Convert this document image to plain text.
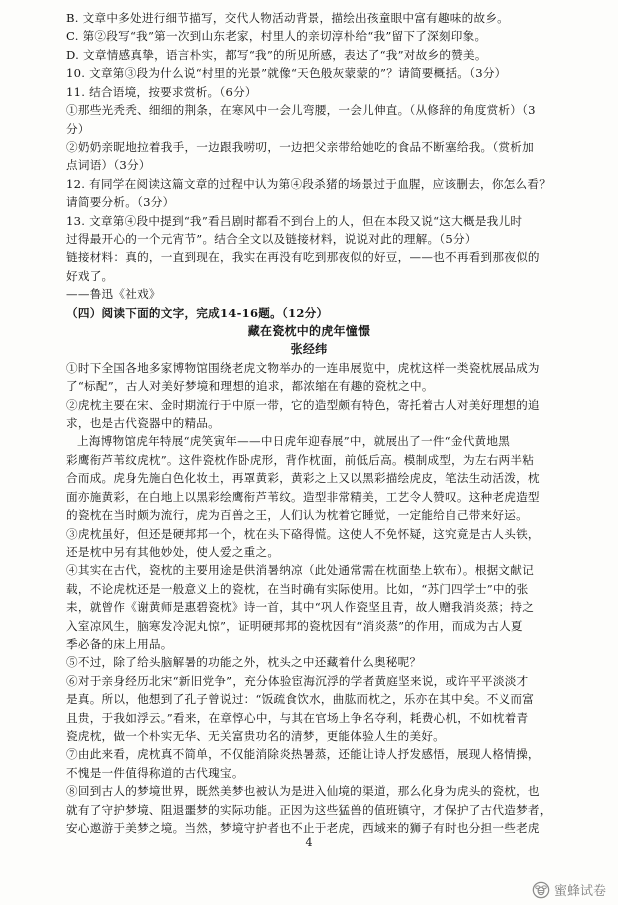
B. 文章中多处进行细节描写，交代人物活动背景，描绘出孩童眼中富有趣味的故乡。
C. 第②段写“我”第一次到山东老家，村里人的亲切淳朴给“我”留下了深刻印象。
D. 文章情感真挚，语言朴实，都写“我”的所见所感，表达了“我”对故乡的赞美。
10. 文章第③段为什么说“村里的光景”就像“天色般灰蒙蒙的”？请简要概括。（3分）
11. 结合语境，按要求赏析。（6分）
①那些光秃秃、细细的荆条，在寒风中一会儿弯腰，一会儿伸直。（从修辞的角度赏析）（3
分）
②奶奶亲昵地拉着我手，一边跟我唠叨，一边把父亲带给她吃的食品不断塞给我。（赏析加
点词语）（3分）
12. 有同学在阅读这篇文章的过程中认为第④段杀猪的场景过于血腥，应该删去，你怎么看？
请简要分析。（3分）
13. 文章第④段中提到“我”看吕剧时都看不到台上的人，但在本段又说“这大概是我儿时
过得最开心的一个元宵节”。结合全文以及链接材料，说说对此的理解。（5分）
链接材料：真的，一直到现在，我实在再没有吃到那夜似的好豆，——也不再看到那夜似的
好戏了。
——鲁迅《社戏》
（四）阅读下面的文字，完成14-16题。（12分）
藏在瓷枕中的虎年憧憬
张经纬
①时下全国各地多家博物馆围绕老虎文物举办的一连串展览中，虎枕这样一类瓷枕展品成为
了“标配”，古人对美好梦境和理想的追求，都浓缩在有趣的瓷枕之中。
②虎枕主要在宋、金时期流行于中原一带，它的造型颇有特色，寄托着古人对美好理想的追
求，也是古代瓷器中的精品。
上海博物馆虎年特展“虎笑寅年——中日虎年迎春展”中，就展出了一件“金代黄地黑
彩鹰衔芦苇纹虎枕”。这件瓷枕作卧虎形，背作枕面，前低后高。模制成型，为左右两半粘
合而成。虎身先施白色化妆土，再罩黄彩，黄彩之上又以黑彩描绘虎皮，笔法生动活泼，枕
面亦施黄彩，在白地上以黑彩绘鹰衔芦苇纹。造型非常精美，工艺令人赞叹。这种老虎造型
的瓷枕在当时颇为流行，虎为百兽之王，人们认为枕着它睡觉，一定能给自己带来好运。
③虎枕虽好，但还是硬邦邦一个，枕在头下硌得慌。这使人不免怀疑，这究竟是古人头铁，
还是枕中另有其他妙处，使人爱之重之。
④其实在古代，瓷枕的主要用途是供消暑纳凉（此处通常需在枕面垫上软布）。根据文献记
载，不论虎枕还是一般意义上的瓷枕，在当时确有实际使用。比如，“苏门四学士”中的张
耒，就曾作《谢黄师是惠碧瓷枕》诗一首，其中“巩人作瓷坚且青，故人赠我消炎蒸；持之
入室凉风生，脑寒发冷泥丸惊”，证明硬邦邦的瓷枕因有“消炎蒸”的作用，而成为古人夏
季必备的床上用品。
⑤不过，除了给头脑解暑的功能之外，枕头之中还藏着什么奥秘呢？
⑥对于亲身经历北宋“新旧党争”，充分体验宦海沉浮的学者黄庭坚来说，或许平平淡淡才
是真。所以，他想到了孔子曾说过：“饭疏食饮水，曲肱而枕之，乐亦在其中矣。不义而富
且贵，于我如浮云。”看来，在章惇心中，与其在官场上争名夺利，耗费心机，不如枕着青
瓷虎枕，做一个朴实无华、无关富贵功名的清梦，更能体验人生的美好。
⑦由此来看，虎枕真不简单，不仅能消除炎热暑蒸，还能让诗人抒发感悟，展现人格情操，
不愧是一件值得称道的古代瑰宝。
⑧回到古人的梦境世界，既然美梦也被认为是进入仙境的渠道，那么化身为虎头的瓷枕，也
就有了守护梦境、阻退噩梦的实际功能。正因为这些猛兽的值班镇守，才保护了古代造梦者，
安心遨游于美梦之境。当然，梦境守护者也不止于老虎，西域来的狮子有时也分担一些老虎
4
蜜蜂试卷
